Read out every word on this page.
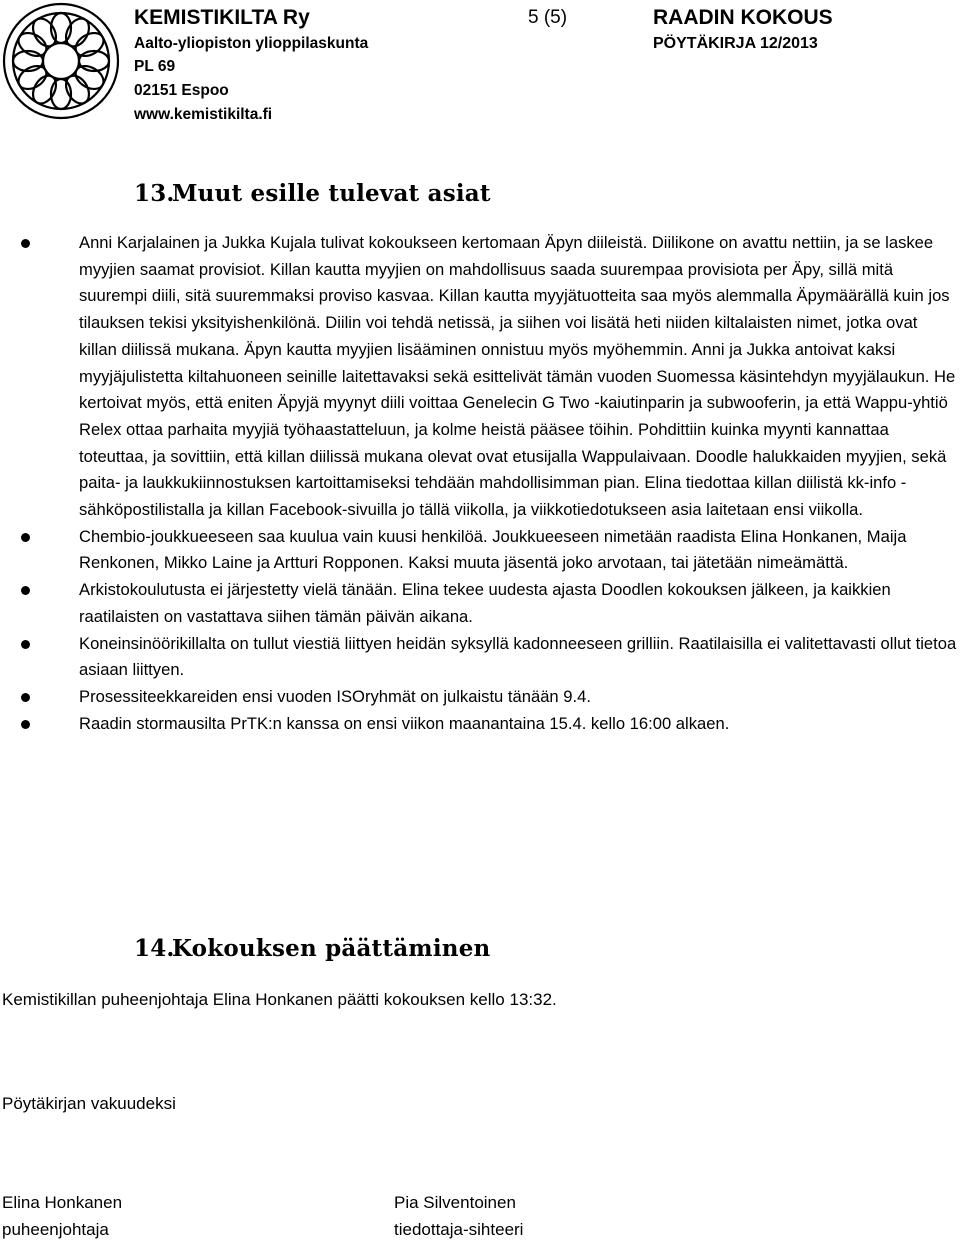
KEMISTIKILTA Ry
Aalto-yliopiston ylioppilaskunta
PL 69
02151 Espoo
www.kemistikilta.fi
5 (5)	RAADIN KOKOUS
PÖYTÄKIRJA 12/2013
13.Muut esille tulevat asiat
Anni Karjalainen ja Jukka Kujala tulivat kokoukseen kertomaan Äpyn diileistä. Diilikone on avattu nettiin, ja se laskee myyjien saamat provisiot. Killan kautta myyjien on mahdollisuus saada suurempaa provisiota per Äpy, sillä mitä suurempi diili, sitä suuremmaksi proviso kasvaa. Killan kautta myyjätuotteita saa myös alemmalla Äpymäärällä kuin jos tilauksen tekisi yksityishenkilönä. Diilin voi tehdä netissä, ja siihen voi lisätä heti niiden kiltalaisten nimet, jotka ovat killan diilissä mukana. Äpyn kautta myyjien lisääminen onnistuu myös myöhemmin. Anni ja Jukka antoivat kaksi myyjäjulistetta kiltahuoneen seinille laitettavaksi sekä esittelivät tämän vuoden Suomessa käsintehdyn myyjälaukun. He kertoivat myös, että eniten Äpyjä myynyt diili voittaa Genelecin G Two -kaiutinparin ja subwooferin, ja että Wappu-yhtiö Relex ottaa parhaita myyjiä työhaastatteluun, ja kolme heistä pääsee töihin. Pohdittiin kuinka myynti kannattaa toteuttaa, ja sovittiin, että killan diilissä mukana olevat ovat etusijalla Wappulaivaan. Doodle halukkaiden myyjien, sekä paita- ja laukkukiinnostuksen kartoittamiseksi tehdään mahdollisimman pian. Elina tiedottaa killan diilistä kk-info -sähköpostilistalla ja killan Facebook-sivuilla jo tällä viikolla, ja viikkotiedotukseen asia laitetaan ensi viikolla.
Chembio-joukkueeseen saa kuulua vain kuusi henkilöä. Joukkueeseen nimetään raadista Elina Honkanen, Maija Renkonen, Mikko Laine ja Artturi Ropponen. Kaksi muuta jäsentä joko arvotaan, tai jätetään nimeämättä.
Arkistokoulutusta ei järjestetty vielä tänään. Elina tekee uudesta ajasta Doodlen kokouksen jälkeen, ja kaikkien raatilaisten on vastattava siihen tämän päivän aikana.
Koneinsinöörikillalta on tullut viestiä liittyen heidän syksyllä kadonneeseen grilliin. Raatilaisilla ei valitettavasti ollut tietoa asiaan liittyen.
Prosessiteekkareiden ensi vuoden ISOryhmät on julkaistu tänään 9.4.
Raadin stormausilta PrTK:n kanssa on ensi viikon maanantaina 15.4. kello 16:00 alkaen.
14.Kokouksen päättäminen
Kemistikillan puheenjohtaja Elina Honkanen päätti kokouksen kello 13:32.
Pöytäkirjan vakuudeksi
Elina Honkanen
puheenjohtaja
Pia Silventoinen
tiedottaja-sihteeri
